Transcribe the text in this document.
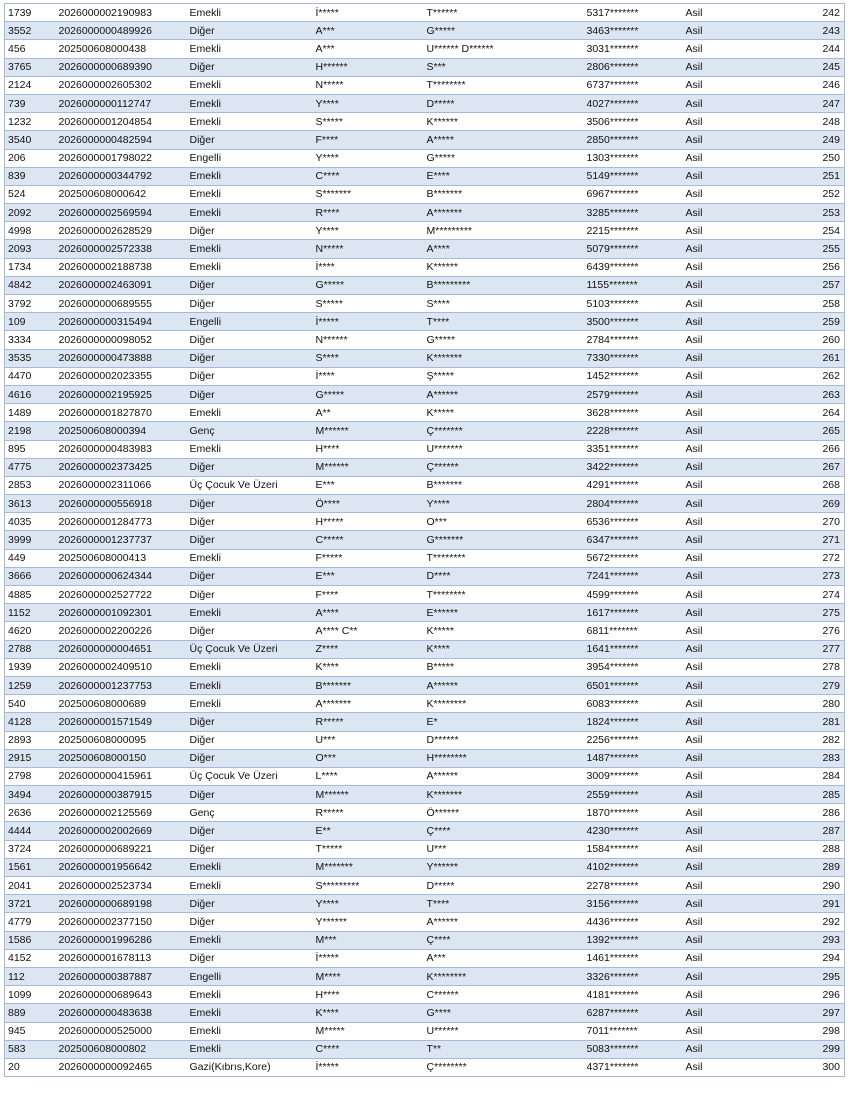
1739	2026000002190983	Emekli	İ*****	T******	5317*******	Asil	242
3552	2026000000489926	Diğer	A***	G*****	3463*******	Asil	243
456	202500608000438	Emekli	A***	U****** D******	3031*******	Asil	244
3765	2026000000689390	Diğer	H******	S***	2806*******	Asil	245
2124	2026000002605302	Emekli	N*****	T********	6737*******	Asil	246
739	2026000000112747	Emekli	Y****	D*****	4027*******	Asil	247
1232	2026000001204854	Emekli	S*****	K******	3506*******	Asil	248
3540	2026000000482594	Diğer	F****	A*****	2850*******	Asil	249
206	2026000001798022	Engelli	Y****	G*****	1303*******	Asil	250
839	2026000000344792	Emekli	C****	E****	5149*******	Asil	251
524	202500608000642	Emekli	S*******	B*******	6967*******	Asil	252
2092	2026000002569594	Emekli	R****	A*******	3285*******	Asil	253
4998	2026000002628529	Diğer	Y****	M*********	2215*******	Asil	254
2093	2026000002572338	Emekli	N*****	A****	5079*******	Asil	255
1734	2026000002188738	Emekli	İ****	K******	6439*******	Asil	256
4842	2026000002463091	Diğer	G*****	B*********	1155*******	Asil	257
3792	2026000000689555	Diğer	S*****	S****	5103*******	Asil	258
109	2026000000315494	Engelli	İ*****	T****	3500*******	Asil	259
3334	2026000000098052	Diğer	N******	G*****	2784*******	Asil	260
3535	2026000000473888	Diğer	S****	K*******	7330*******	Asil	261
4470	2026000002023355	Diğer	İ****	Ş*****	1452*******	Asil	262
4616	2026000002195925	Diğer	G*****	A******	2579*******	Asil	263
1489	2026000001827870	Emekli	A**	K*****	3628*******	Asil	264
2198	202500608000394	Genç	M******	Ç*******	2228*******	Asil	265
895	2026000000483983	Emekli	H****	U*******	3351*******	Asil	266
4775	2026000002373425	Diğer	M******	Ç******	3422*******	Asil	267
2853	2026000002311066	Üç Çocuk Ve Üzeri	E***	B*******	4291*******	Asil	268
3613	2026000000556918	Diğer	Ö****	Y****	2804*******	Asil	269
4035	2026000001284773	Diğer	H*****	O***	6536*******	Asil	270
3999	2026000001237737	Diğer	C*****	G*******	6347*******	Asil	271
449	202500608000413	Emekli	F*****	T********	5672*******	Asil	272
3666	2026000000624344	Diğer	E***	D****	7241*******	Asil	273
4885	2026000002527722	Diğer	F****	T********	4599*******	Asil	274
1152	2026000001092301	Emekli	A****	E******	1617*******	Asil	275
4620	2026000002200226	Diğer	A**** C**	K*****	6811*******	Asil	276
2788	2026000000004651	Üç Çocuk Ve Üzeri	Z****	K****	1641*******	Asil	277
1939	2026000002409510	Emekli	K****	B*****	3954*******	Asil	278
1259	2026000001237753	Emekli	B*******	A******	6501*******	Asil	279
540	202500608000689	Emekli	A*******	K********	6083*******	Asil	280
4128	2026000001571549	Diğer	R*****	E*	1824*******	Asil	281
2893	202500608000095	Diğer	U***	D******	2256*******	Asil	282
2915	202500608000150	Diğer	O***	H********	1487*******	Asil	283
2798	2026000000415961	Üç Çocuk Ve Üzeri	L****	A******	3009*******	Asil	284
3494	2026000000387915	Diğer	M******	K*******	2559*******	Asil	285
2636	2026000002125569	Genç	R*****	Ö******	1870*******	Asil	286
4444	2026000002002669	Diğer	E**	Ç****	4230*******	Asil	287
3724	2026000000689221	Diğer	T*****	U***	1584*******	Asil	288
1561	2026000001956642	Emekli	M*******	Y******	4102*******	Asil	289
2041	2026000002523734	Emekli	S*********	D*****	2278*******	Asil	290
3721	2026000000689198	Diğer	Y****	T****	3156*******	Asil	291
4779	2026000002377150	Diğer	Y******	A******	4436*******	Asil	292
1586	2026000001996286	Emekli	M***	Ç****	1392*******	Asil	293
4152	2026000001678113	Diğer	İ*****	A***	1461*******	Asil	294
112	2026000000387887	Engelli	M****	K********	3326*******	Asil	295
1099	2026000000689643	Emekli	H****	C******	4181*******	Asil	296
889	2026000000483638	Emekli	K****	G****	6287*******	Asil	297
945	2026000000525000	Emekli	M*****	U******	7011*******	Asil	298
583	202500608000802	Emekli	C****	T**	5083*******	Asil	299
20	2026000000092465	Gazi(Kıbrıs,Kore)	İ*****	Ç********	4371*******	Asil	300
